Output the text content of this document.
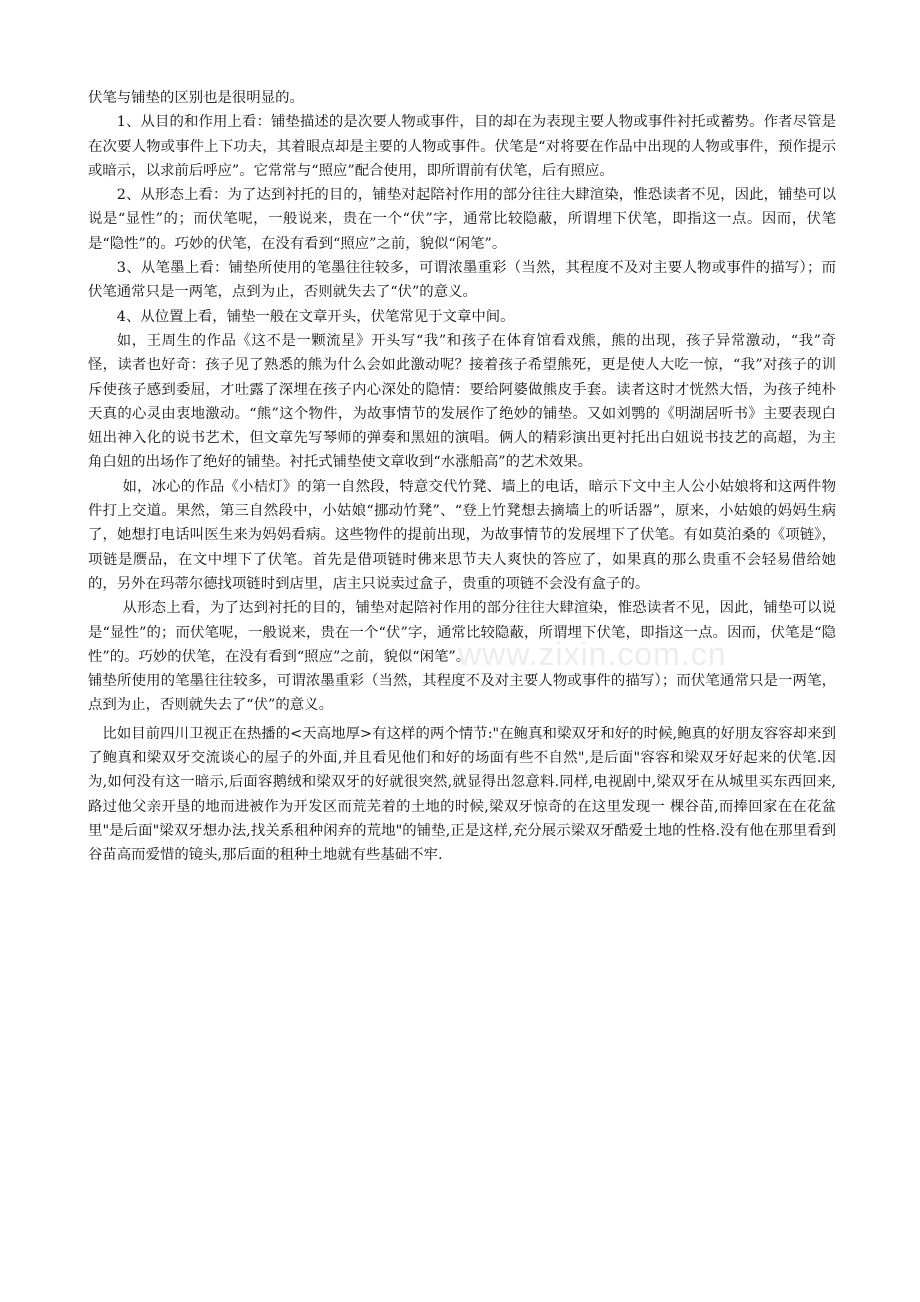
伏笔与铺垫的区别也是很明显的。

1、从目的和作用上看：铺垫描述的是次要人物或事件，目的却在为表现主要人物或事件衬托或蓄势。作者尽管是在次要人物或事件上下功夫，其着眼点却是主要的人物或事件。伏笔是“对将要在作品中出现的人物或事件，预作提示或暗示，以求前后呼应”。它常常与“照应”配合使用，即所谓前有伏笔，后有照应。

2、从形态上看：为了达到衬托的目的，铺垫对起陪衬作用的部分往往大肆渲染，惟恐读者不见，因此，铺垫可以说是“显性”的；而伏笔呢，一般说来，贵在一个“伏”字，通常比较隐蔽，所谓埋下伏笔，即指这一点。因而，伏笔是“隐性”的。巧妙的伏笔，在没有看到“照应”之前，貌似“闲笔”。

3、从笔墨上看：铺垫所使用的笔墨往往较多，可谓浓墨重彩（当然，其程度不及对主要人物或事件的描写）；而伏笔通常只是一两笔，点到为止，否则就失去了“伏”的意义。

4、从位置上看，铺垫一般在文章开头，伏笔常见于文章中间。

如，王周生的作品《这不是一颗流星》开头写“我”和孩子在体育馆看戏熊，熊的出现，孩子异常激动，“我”奇怪，读者也好奇：孩子见了熟悉的熊为什么会如此激动呢？接着孩子希望熊死，更是使人大吃一惊，“我”对孩子的训斥使孩子感到委屈，才吐露了深埋在孩子内心深处的隐情：要给阿婆做熊皮手套。读者这时才恍然大悟，为孩子纯朴天真的心灵由衷地激动。“熊”这个物件，为故事情节的发展作了绝妙的铺垫。又如刘鹗的《明湖居听书》主要表现白妞出神入化的说书艺术，但文章先写琴师的弹奏和黑妞的演唱。俩人的精彩演出更衬托出白妞说书技艺的高超，为主角白妞的出场作了绝好的铺垫。衬托式铺垫使文章收到“水涨船高”的艺术效果。

如，冰心的作品《小桔灯》的第一自然段，特意交代竹凳、墙上的电话，暗示下文中主人公小姑娘将和这两件物件打上交道。果然，第三自然段中，小姑娘“挪动竹凳”、“登上竹凳想去摘墙上的听话器”，原来，小姑娘的妈妈生病了，她想打电话叫医生来为妈妈看病。这些物件的提前出现，为故事情节的发展埋下了伏笔。有如莫泊桑的《项链》，项链是赝品，在文中埋下了伏笔。首先是借项链时佛来思节夫人爽快的答应了，如果真的那么贵重不会轻易借给她的，另外在玛蒂尔德找项链时到店里，店主只说卖过盒子，贵重的项链不会没有盒子的。

从形态上看，为了达到衬托的目的，铺垫对起陪衬作用的部分往往大肆渲染，惟恐读者不见，因此，铺垫可以说是“显性”的；而伏笔呢，一般说来，贵在一个“伏”字，通常比较隐蔽，所谓埋下伏笔，即指这一点。因而，伏笔是“隐性”的。巧妙的伏笔，在没有看到“照应”之前，貌似“闲笔”。

铺垫所使用的笔墨往往较多，可谓浓墨重彩（当然，其程度不及对主要人物或事件的描写）；而伏笔通常只是一两笔，点到为止，否则就失去了“伏”的意义。

比如目前四川卫视正在热播的<天高地厚>有这样的两个情节:"在鲍真和梁双牙和好的时候,鲍真的好朋友容容却来到了鲍真和梁双牙交流谈心的屋子的外面,并且看见他们和好的场面有些不自然",是后面"容容和梁双牙好起来的伏笔.因为,如何没有这一暗示,后面容鹅绒和梁双牙的好就很突然,就显得出忽意料.同样,电视剧中,梁双牙在从城里买东西回来,路过他父亲开垦的地而进被作为开发区而荒芜着的土地的时候,梁双牙惊奇的在这里发现一 棵谷苗,而捧回家在在花盆里"是后面"梁双牙想办法,找关系租种闲弃的荒地"的铺垫,正是这样,充分展示梁双牙酷爱土地的性格.没有他在那里看到谷苗高而爱惜的镜头,那后面的租种土地就有些基础不牢.

www.zixin.com.cn
